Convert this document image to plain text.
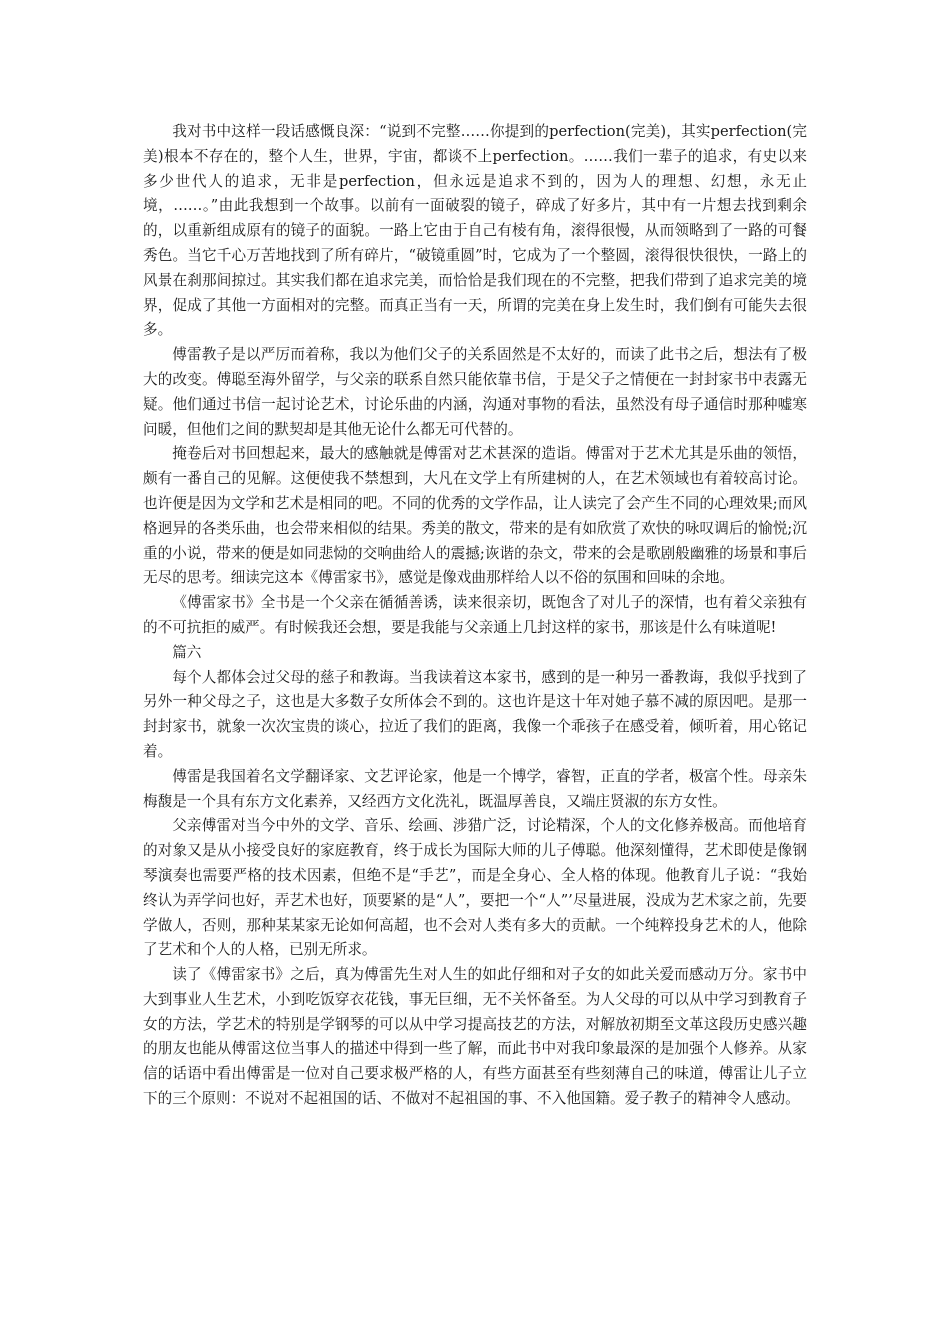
我对书中这样一段话感慨良深：“说到不完整……你提到的perfection(完美)，其实perfection(完美)根本不存在的，整个人生，世界，宇宙，都谈不上perfection。……我们一辈子的追求，有史以来多少世代人的追求，无非是perfection，但永远是追求不到的，因为人的理想、幻想，永无止境，……。”由此我想到一个故事。以前有一面破裂的镜子，碎成了好多片，其中有一片想去找到剩余的，以重新组成原有的镜子的面貌。一路上它由于自己有棱有角，滚得很慢，从而领略到了一路的可餐秀色。当它千心万苦地找到了所有碎片，“破镜重圆”时，它成为了一个整圆，滚得很快很快，一路上的风景在刹那间掠过。其实我们都在追求完美，而恰恰是我们现在的不完整，把我们带到了追求完美的境界，促成了其他一方面相对的完整。而真正当有一天，所谓的完美在身上发生时，我们倒有可能失去很多。

傅雷教子是以严厉而着称，我以为他们父子的关系固然是不太好的，而读了此书之后，想法有了极大的改变。傅聪至海外留学，与父亲的联系自然只能依靠书信，于是父子之情便在一封封家书中表露无疑。他们通过书信一起讨论艺术，讨论乐曲的内涵，沟通对事物的看法，虽然没有母子通信时那种嘘寒问暖，但他们之间的默契却是其他无论什么都无可代替的。

掩卷后对书回想起来，最大的感触就是傅雷对艺术甚深的造诣。傅雷对于艺术尤其是乐曲的领悟，颇有一番自己的见解。这便使我不禁想到，大凡在文学上有所建树的人，在艺术领域也有着较高讨论。也许便是因为文学和艺术是相同的吧。不同的优秀的文学作品，让人读完了会产生不同的心理效果;而风格迥异的各类乐曲，也会带来相似的结果。秀美的散文，带来的是有如欣赏了欢快的咏叹调后的愉悦;沉重的小说，带来的便是如同悲恸的交响曲给人的震撼;诙谐的杂文，带来的会是歌剧般幽雅的场景和事后无尽的思考。细读完这本《傅雷家书》，感觉是像戏曲那样给人以不俗的氛围和回味的余地。

《傅雷家书》全书是一个父亲在循循善诱，读来很亲切，既饱含了对儿子的深情，也有着父亲独有的不可抗拒的威严。有时候我还会想，要是我能与父亲通上几封这样的家书，那该是什么有味道呢!

篇六

每个人都体会过父母的慈子和教诲。当我读着这本家书，感到的是一种另一番教诲，我似乎找到了另外一种父母之子，这也是大多数子女所体会不到的。这也许是这十年对她子慕不减的原因吧。是那一封封家书，就象一次次宝贵的谈心，拉近了我们的距离，我像一个乖孩子在感受着，倾听着，用心铭记着。

傅雷是我国着名文学翻译家、文艺评论家，他是一个博学，睿智，正直的学者，极富个性。母亲朱梅馥是一个具有东方文化素养，又经西方文化洗礼，既温厚善良，又端庄贤淑的东方女性。

父亲傅雷对当今中外的文学、音乐、绘画、涉猎广泛，讨论精深，个人的文化修养极高。而他培育的对象又是从小接受良好的家庭教育，终于成长为国际大师的儿子傅聪。他深刻懂得，艺术即使是像钢琴演奏也需要严格的技术因素，但绝不是“手艺”，而是全身心、全人格的体现。他教育儿子说：“我始终认为弄学问也好，弄艺术也好，顶要紧的是“人”，要把一个“人”’尽量进展，没成为艺术家之前，先要学做人，否则，那种某某家无论如何高超，也不会对人类有多大的贡献。一个纯粹投身艺术的人，他除了艺术和个人的人格，已别无所求。

读了《傅雷家书》之后，真为傅雷先生对人生的如此仔细和对子女的如此关爱而感动万分。家书中大到事业人生艺术，小到吃饭穿衣花钱，事无巨细，无不关怀备至。为人父母的可以从中学习到教育子女的方法，学艺术的特别是学钢琴的可以从中学习提高技艺的方法，对解放初期至文革这段历史感兴趣的朋友也能从傅雷这位当事人的描述中得到一些了解，而此书中对我印象最深的是加强个人修养。从家信的话语中看出傅雷是一位对自己要求极严格的人，有些方面甚至有些刻薄自己的味道，傅雷让儿子立下的三个原则：不说对不起祖国的话、不做对不起祖国的事、不入他国籍。爱子教子的精神令人感动。
